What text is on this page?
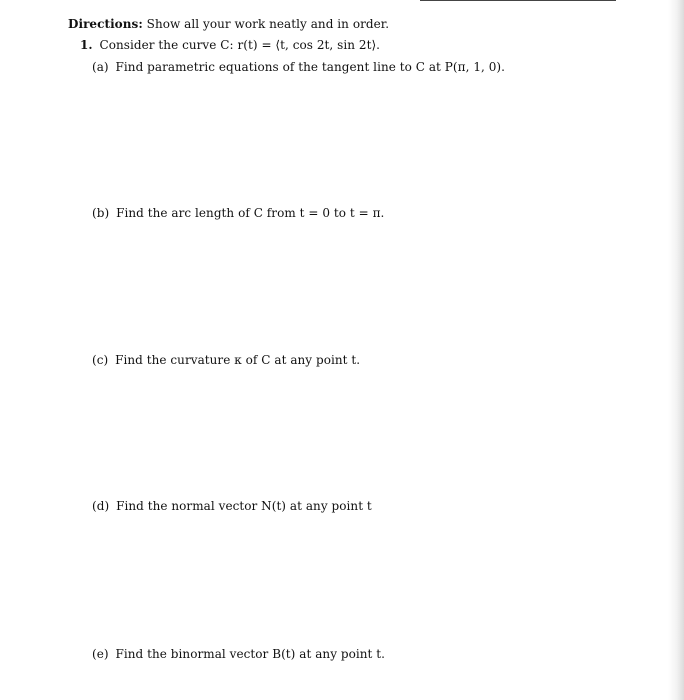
Directions: Show all your work neatly and in order.
1. Consider the curve C: r(t) = ⟨t, cos 2t, sin 2t⟩.
(a) Find parametric equations of the tangent line to C at P(π, 1, 0).
(b) Find the arc length of C from t = 0 to t = π.
(c) Find the curvature κ of C at any point t.
(d) Find the normal vector N(t) at any point t
(e) Find the binormal vector B(t) at any point t.
